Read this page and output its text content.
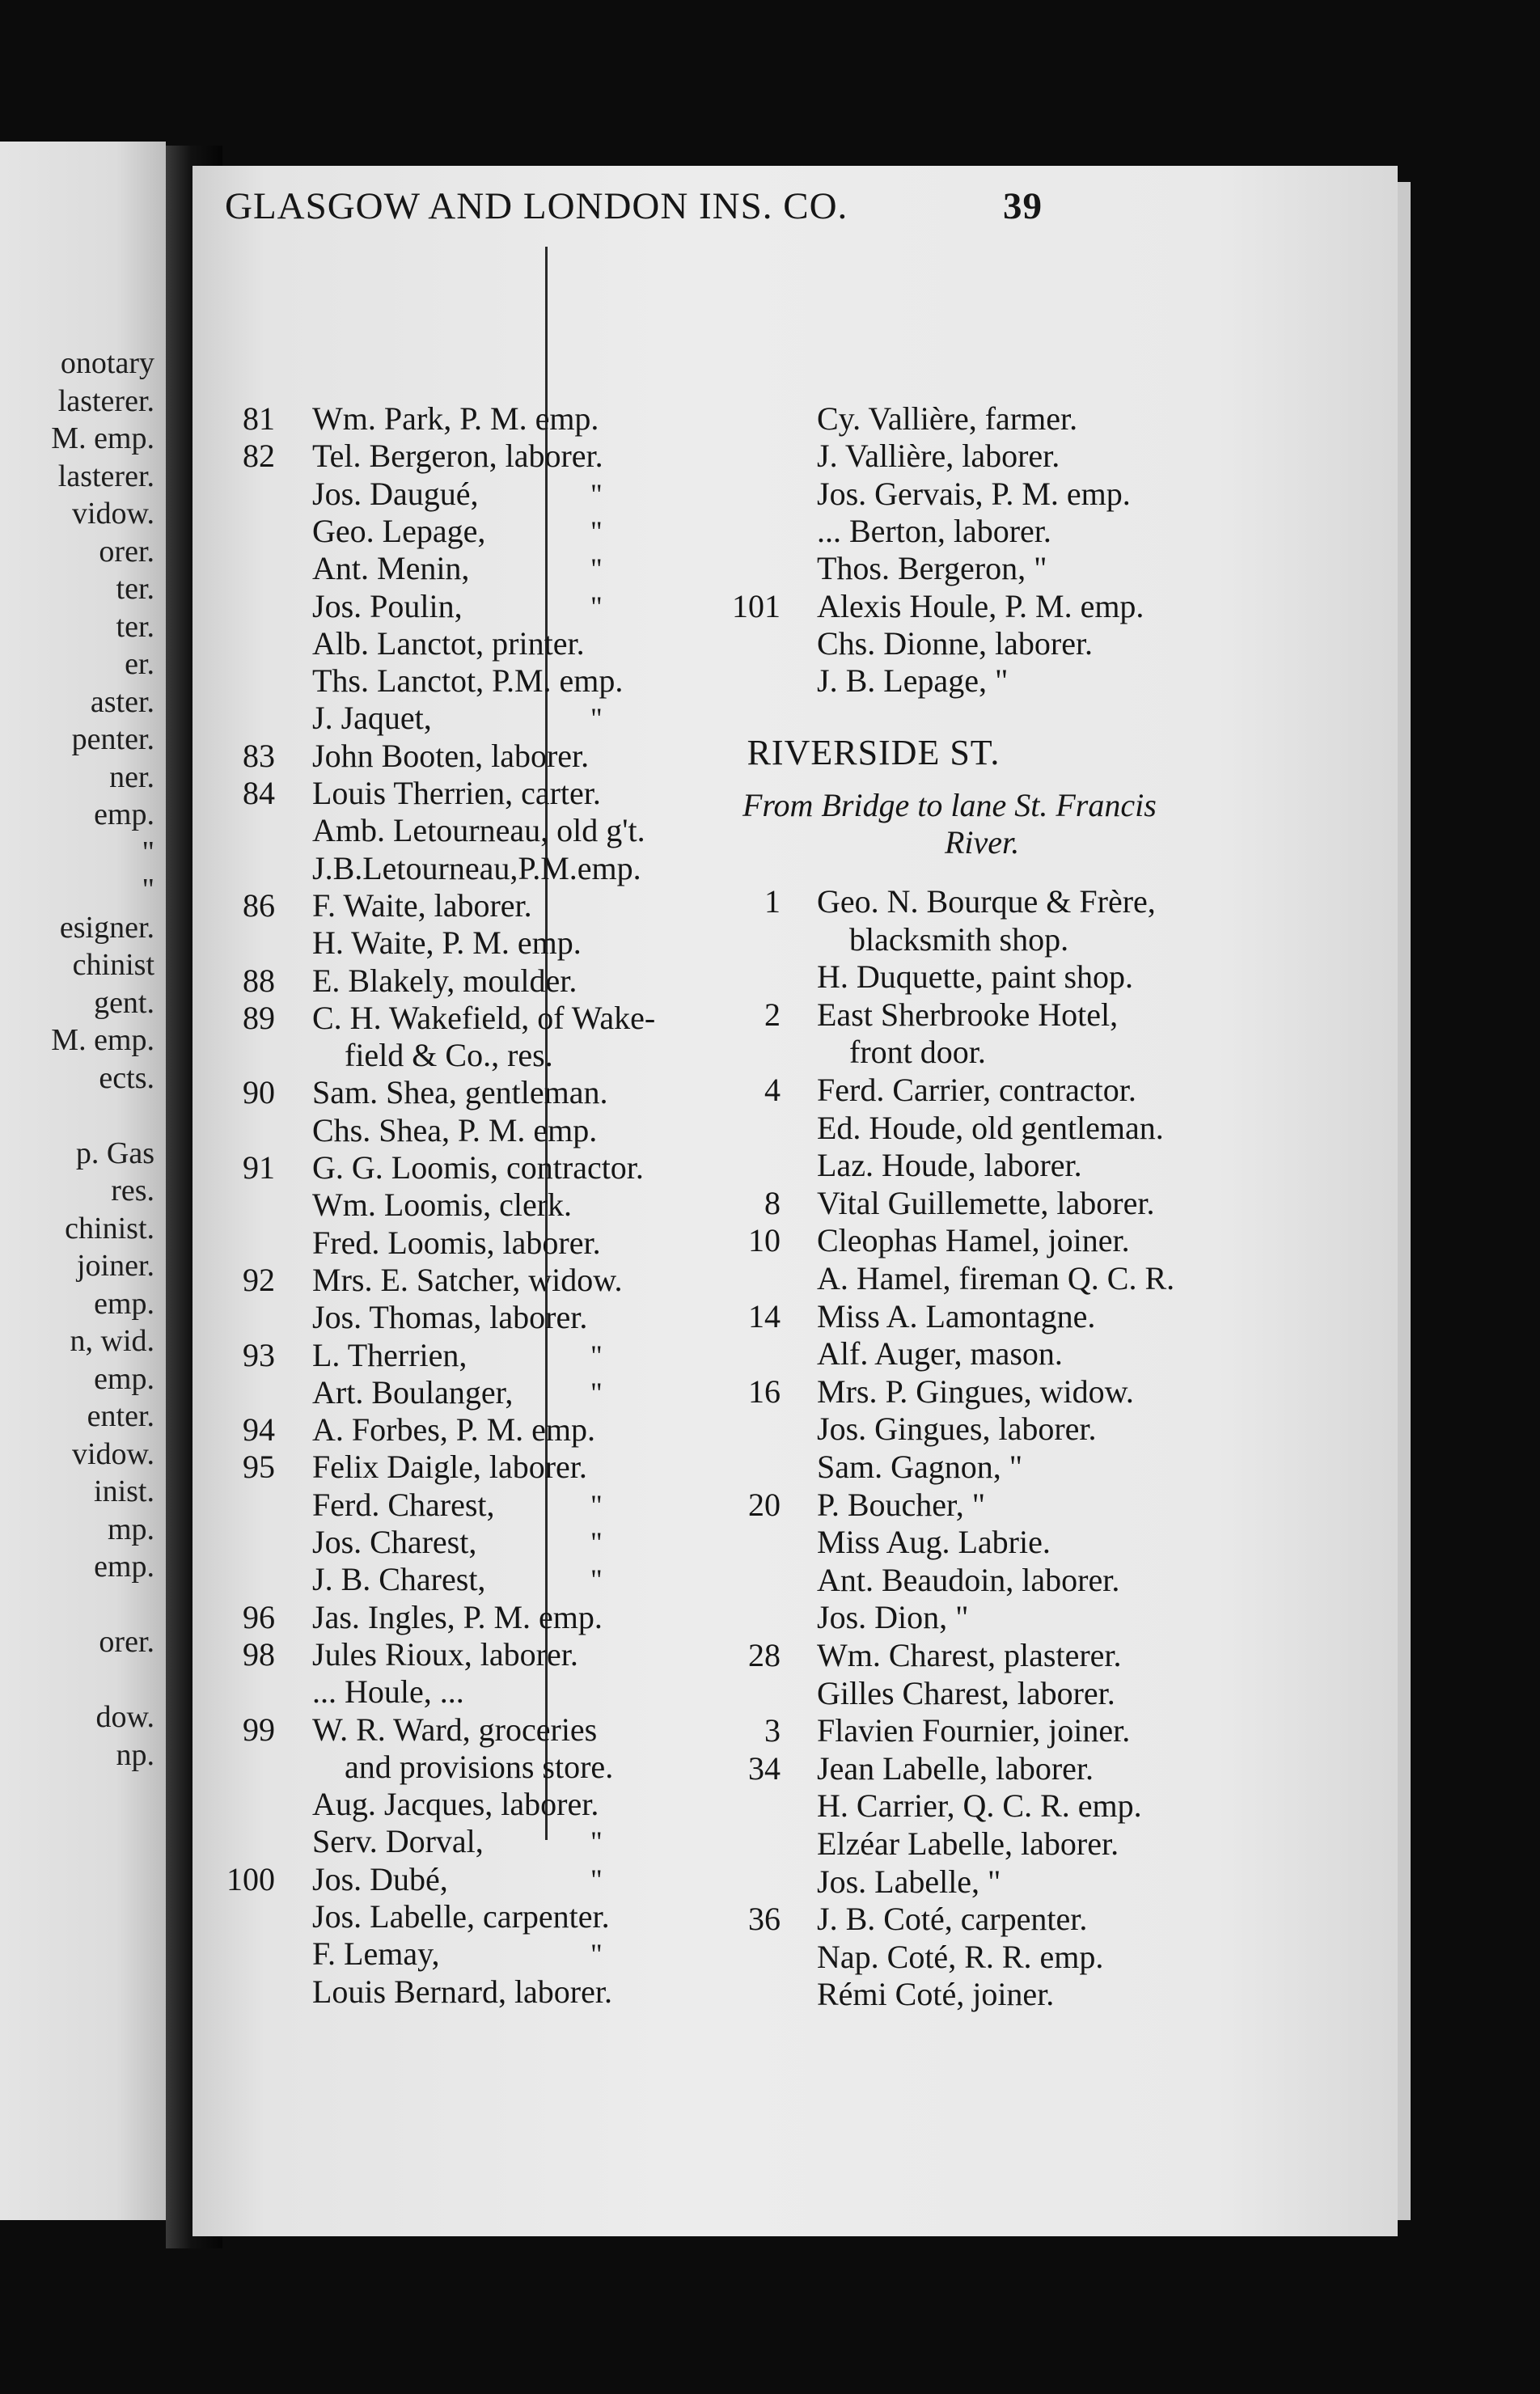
onotary
lasterer.
M. emp.
lasterer.
vidow.
orer.
ter.
ter.
er.
aster.
penter.
ner.
emp.
"
"
esigner.
chinist
gent.
M. emp.
ects.
p. Gas
res.
chinist.
joiner.
emp.
n, wid.
emp.
enter.
vidow.
inist.
mp.
emp.
orer.
dow.
np.
GLASGOW AND LONDON INS. CO.	39
81 Wm. Park, P. M. emp.
82 Tel. Bergeron, laborer.
Jos. Daugué,	"
Geo. Lepage,	"
Ant. Menin,	"
Jos. Poulin,	"
Alb. Lanctot, printer.
Ths. Lanctot, P.M. emp.
J. Jaquet,	"
83 John Booten, laborer.
84 Louis Therrien, carter.
Amb. Letourneau, old g't.
J.B.Letourneau,P.M.emp.
86 F. Waite, laborer.
H. Waite, P. M. emp.
88 E. Blakely, moulder.
89 C. H. Wakefield, of Wake-
field & Co., res.
90 Sam. Shea, gentleman.
Chs. Shea, P. M. emp.
91 G. G. Loomis, contractor.
Wm. Loomis, clerk.
Fred. Loomis, laborer.
92 Mrs. E. Satcher, widow.
Jos. Thomas, laborer.
93 L. Therrien,	"
Art. Boulanger,	"
94 A. Forbes, P. M. emp.
95 Felix Daigle, laborer.
Ferd. Charest,	"
Jos. Charest,	"
J. B. Charest,	"
96 Jas. Ingles, P. M. emp.
98 Jules Rioux, laborer.
... Houle, ...
99 W. R. Ward, groceries
and provisions store.
Aug. Jacques, laborer.
Serv. Dorval,	"
100 Jos. Dubé,	"
Jos. Labelle, carpenter.
F. Lemay,	"
Louis Bernard, laborer.
Cy. Vallière, farmer.
J. Vallière, laborer.
Jos. Gervais, P. M. emp.
... Berton, laborer.
Thos. Bergeron, "
101 Alexis Houle, P. M. emp.
Chs. Dionne, laborer.
J. B. Lepage, "
1 Geo. N. Bourque & Frère,
blacksmith shop.
H. Duquette, paint shop.
2 East Sherbrooke Hotel,
front door.
4 Ferd. Carrier, contractor.
Ed. Houde, old gentleman.
Laz. Houde, laborer.
8 Vital Guillemette, laborer.
10 Cleophas Hamel, joiner.
A. Hamel, fireman Q. C. R.
14 Miss A. Lamontagne.
Alf. Auger, mason.
16 Mrs. P. Gingues, widow.
Jos. Gingues, laborer.
Sam. Gagnon, "
20 P. Boucher, "
Miss Aug. Labrie.
Ant. Beaudoin, laborer.
Jos. Dion, "
28 Wm. Charest, plasterer.
Gilles Charest, laborer.
3 Flavien Fournier, joiner.
34 Jean Labelle, laborer.
H. Carrier, Q. C. R. emp.
Elzéar Labelle, laborer.
Jos. Labelle, "
36 J. B. Coté, carpenter.
Nap. Coté, R. R. emp.
Rémi Coté, joiner.
RIVERSIDE ST.
From Bridge to lane St. Francis
River.
